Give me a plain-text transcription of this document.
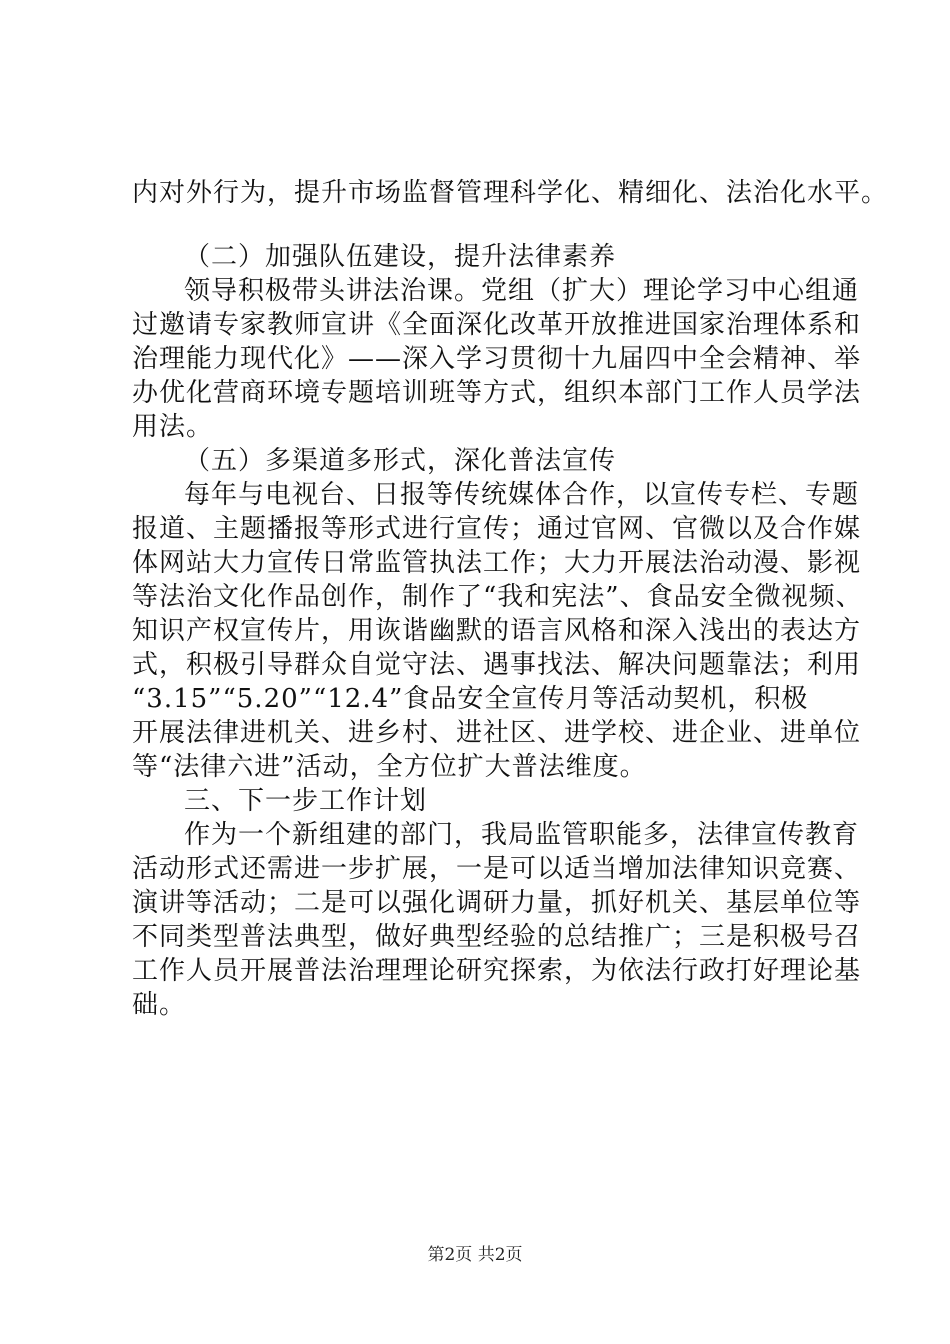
内对外行为，提升市场监督管理科学化、精细化、法治化水平。
（二）加强队伍建设，提升法律素养
领导积极带头讲法治课。党组（扩大）理论学习中心组通
过邀请专家教师宣讲《全面深化改革开放推进国家治理体系和
治理能力现代化》——深入学习贯彻十九届四中全会精神、举
办优化营商环境专题培训班等方式，组织本部门工作人员学法
用法。
（五）多渠道多形式，深化普法宣传
每年与电视台、日报等传统媒体合作，以宣传专栏、专题
报道、主题播报等形式进行宣传；通过官网、官微以及合作媒
体网站大力宣传日常监管执法工作；大力开展法治动漫、影视
等法治文化作品创作，制作了“我和宪法”、食品安全微视频、
知识产权宣传片，用诙谐幽默的语言风格和深入浅出的表达方
式，积极引导群众自觉守法、遇事找法、解决问题靠法；利用
“3.15”“5.20”“12.4”食品安全宣传月等活动契机，积极
开展法律进机关、进乡村、进社区、进学校、进企业、进单位
等“法律六进”活动，全方位扩大普法维度。
三、下一步工作计划
作为一个新组建的部门，我局监管职能多，法律宣传教育
活动形式还需进一步扩展，一是可以适当增加法律知识竞赛、
演讲等活动；二是可以强化调研力量，抓好机关、基层单位等
不同类型普法典型，做好典型经验的总结推广；三是积极号召
工作人员开展普法治理理论研究探索，为依法行政打好理论基
础。
第2页 共2页
